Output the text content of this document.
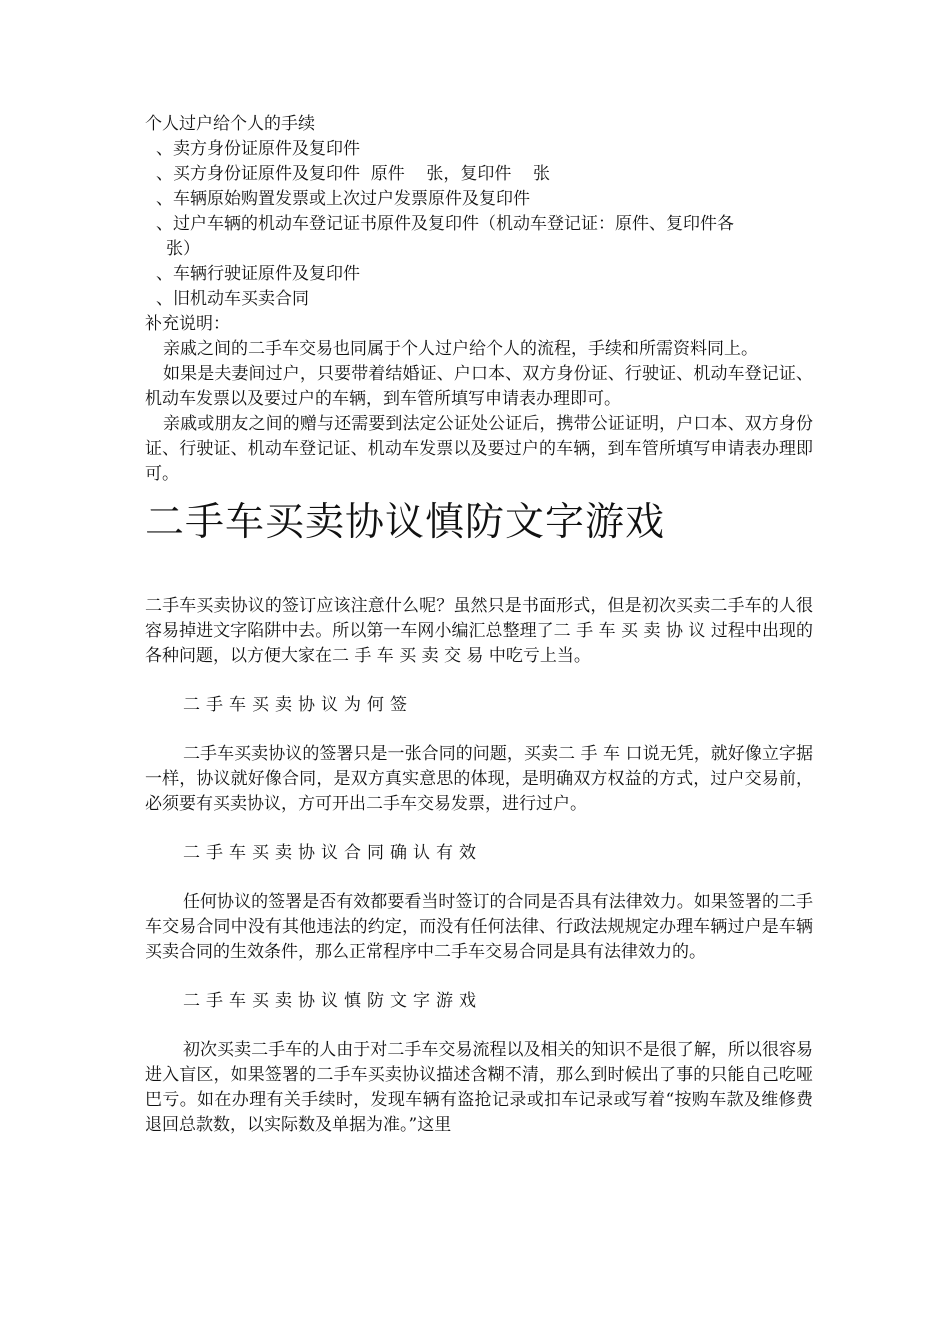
个人过户给个人的手续
、卖方身份证原件及复印件
、买方身份证原件及复印件  原件    张，复印件    张
、车辆原始购置发票或上次过户发票原件及复印件
、过户车辆的机动车登记证书原件及复印件（机动车登记证：原件、复印件各
张）
、车辆行驶证原件及复印件
、旧机动车买卖合同
补充说明：

亲戚之间的二手车交易也同属于个人过户给个人的流程，手续和所需资料同上。

如果是夫妻间过户，只要带着结婚证、户口本、双方身份证、行驶证、机动车登记证、机动车发票以及要过户的车辆，到车管所填写申请表办理即可。

亲戚或朋友之间的赠与还需要到法定公证处公证后，携带公证证明，户口本、双方身份证、行驶证、机动车登记证、机动车发票以及要过户的车辆，到车管所填写申请表办理即可。

二手车买卖协议慎防文字游戏

二手车买卖协议的签订应该注意什么呢？虽然只是书面形式，但是初次买卖二手车的人很容易掉进文字陷阱中去。所以第一车网小编汇总整理了二 手 车 买 卖 协 议 过程中出现的各种问题，以方便大家在二 手 车 买 卖 交 易 中吃亏上当。

二手车买卖协议为何签

二手车买卖协议的签署只是一张合同的问题，买卖二 手 车 口说无凭，就好像立字据一样，协议就好像合同，是双方真实意思的体现，是明确双方权益的方式，过户交易前，必须要有买卖协议，方可开出二手车交易发票，进行过户。

二手车买卖协议合同确认有效

任何协议的签署是否有效都要看当时签订的合同是否具有法律效力。如果签署的二手车交易合同中没有其他违法的约定，而没有任何法律、行政法规规定办理车辆过户是车辆买卖合同的生效条件，那么正常程序中二手车交易合同是具有法律效力的。

二手车买卖协议慎防文字游戏

初次买卖二手车的人由于对二手车交易流程以及相关的知识不是很了解，所以很容易进入盲区，如果签署的二手车买卖协议描述含糊不清，那么到时候出了事的只能自己吃哑巴亏。如在办理有关手续时，发现车辆有盗抢记录或扣车记录或写着“按购车款及维修费退回总款数，以实际数及单据为准。”这里
